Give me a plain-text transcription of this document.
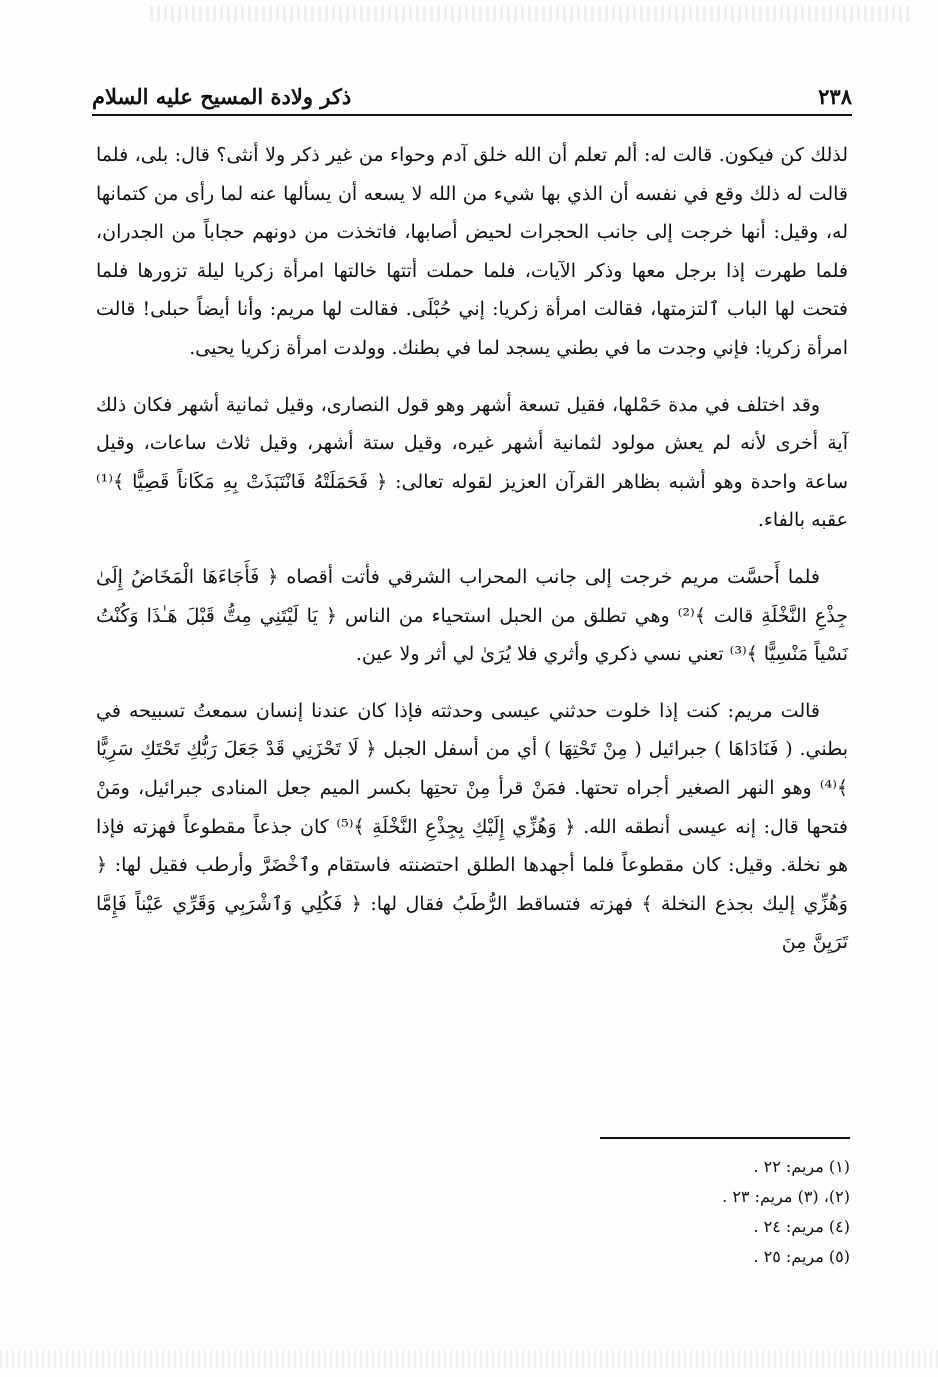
٢٣٨
ذكر ولادة المسيح عليه السلام

لذلك كن فيكون. قالت له: ألم تعلم أن الله خلق آدم وحواء من غير ذكر ولا أنثى؟ قال: بلى، فلما قالت له ذلك وقع في نفسه أن الذي بها شيء من الله لا يسعه أن يسألها عنه لما رأى من كتمانها له، وقيل: أنها خرجت إلى جانب الحجرات لحيض أصابها، فاتخذت من دونهم حجاباً من الجدران، فلما طهرت إذا برجل معها وذكر الآيات، فلما حملت أتتها خالتها امرأة زكريا ليلة تزورها فلما فتحت لها الباب ٱلتزمتها، فقالت امرأة زكريا: إني حُبْلَى. فقالت لها مريم: وأنا أيضاً حبلى! قالت امرأة زكريا: فإني وجدت ما في بطني يسجد لما في بطنك. وولدت امرأة زكريا يحيى.

وقد اختلف في مدة حَمْلها، فقيل تسعة أشهر وهو قول النصارى، وقيل ثمانية أشهر فكان ذلك آية أخرى لأنه لم يعش مولود لثمانية أشهر غيره، وقيل ستة أشهر، وقيل ثلاث ساعات، وقيل ساعة واحدة وهو أشبه بظاهر القرآن العزيز لقوله تعالى: ﴿ فَحَمَلَتْهُ فَانْتَبَذَتْ بِهِ مَكَاناً قَصِيًّا ﴾⁽¹⁾ عقبه بالفاء.

فلما أَحسَّت مريم خرجت إلى جانب المحراب الشرقي فأتت أقصاه ﴿ فَأَجَاءَهَا الْمَخَاضُ إِلَىٰ جِذْعِ النَّخْلَةِ قالت ﴾⁽²⁾ وهي تطلق من الحبل استحياء من الناس ﴿ يَا لَيْتَنِي مِتُّ قَبْلَ هَـٰذَا وَكُنْتُ نَسْياً مَنْسِيًّا ﴾⁽³⁾ تعني نسي ذكري وأثري فلا يُرَىٰ لي أثر ولا عين.

قالت مريم: كنت إذا خلوت حدثني عيسى وحدثته فإذا كان عندنا إنسان سمعتُ تسبيحه في بطني. ( فَنَادَاهَا ) جبرائيل ( مِنْ تَحْتِهَا ) أي من أسفل الجبل ﴿ لَا تَحْزَنِي قَدْ جَعَلَ رَبُّكِ تَحْتَكِ سَرِيًّا ﴾⁽⁴⁾ وهو النهر الصغير أجراه تحتها. فمَنْ قرأ مِنْ تحتِها بكسر الميم جعل المنادى جبرائيل، ومَنْ فتحها قال: إنه عيسى أنطقه الله. ﴿ وَهُزِّي إِلَيْكِ بِجِذْعِ النَّخْلَةِ ﴾⁽⁵⁾ كان جذعاً مقطوعاً فهزته فإذا هو نخلة. وقيل: كان مقطوعاً فلما أجهدها الطلق احتضنته فاستقام وٱخْضَرَّ وأرطب فقيل لها: ﴿ وَهُزِّي إليك بجذع النخلة ﴾ فهزته فتساقط الرُّطَبُ فقال لها: ﴿ فَكُلِي وَٱشْرَبِي وَقَرِّي عَيْناً فَإِمَّا تَرَيِنَّ مِنَ

(١) مريم: ٢٢ .
(٢)، (٣) مريم: ٢٣ .
(٤) مريم: ٢٤ .
(٥) مريم: ٢٥ .
